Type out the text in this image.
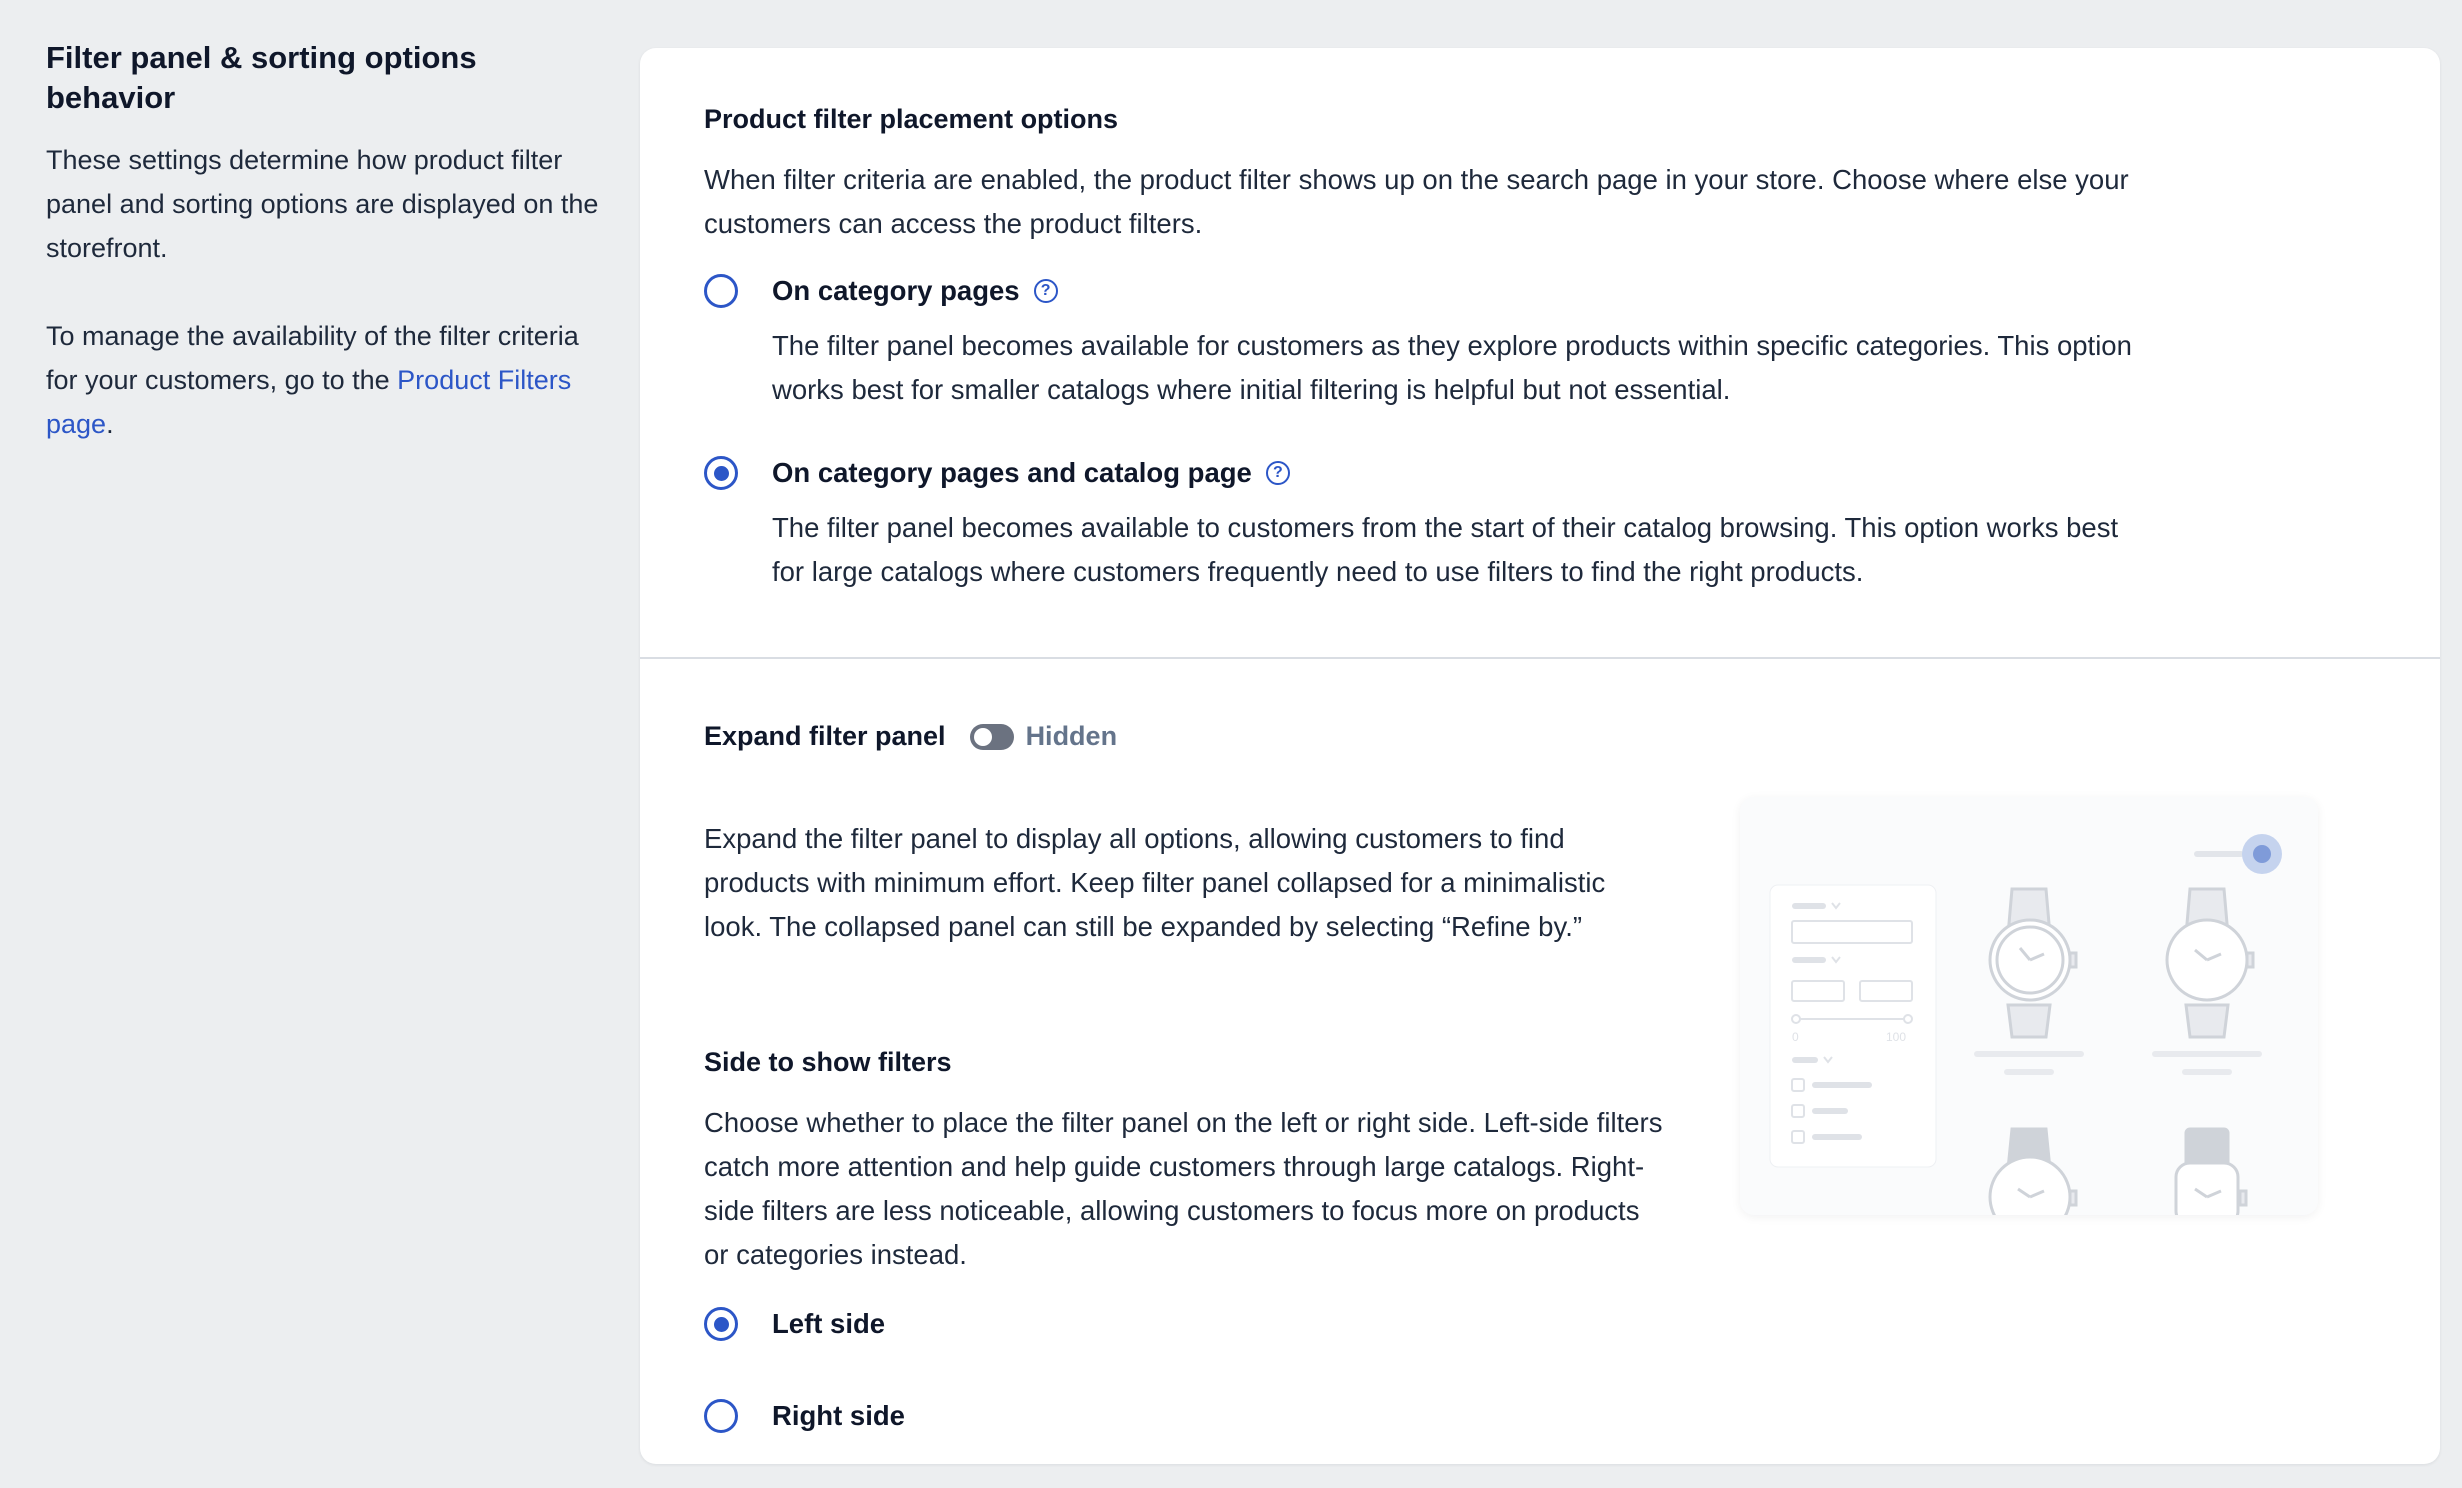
Filter panel & sorting options behavior

These settings determine how product filter panel and sorting options are displayed on the storefront.

To manage the availability of the filter criteria for your customers, go to the Product Filters page.

Product filter placement options
When filter criteria are enabled, the product filter shows up on the search page in your store. Choose where else your customers can access the product filters.
On category pages	?
The filter panel becomes available for customers as they explore products within specific categories. This option works best for smaller catalogs where initial filtering is helpful but not essential.
On category pages and catalog page	?
The filter panel becomes available to customers from the start of their catalog browsing. This option works best for large catalogs where customers frequently need to use filters to find the right products.
Expand filter panel	Hidden
Expand the filter panel to display all options, allowing customers to find products with minimum effort. Keep filter panel collapsed for a minimalistic look. The collapsed panel can still be expanded by selecting “Refine by.”
Side to show filters
Choose whether to place the filter panel on the left or right side. Left-side filters catch more attention and help guide customers through large catalogs. Right-side filters are less noticeable, allowing customers to focus more on products or categories instead.
Left side
Right side
0	100
